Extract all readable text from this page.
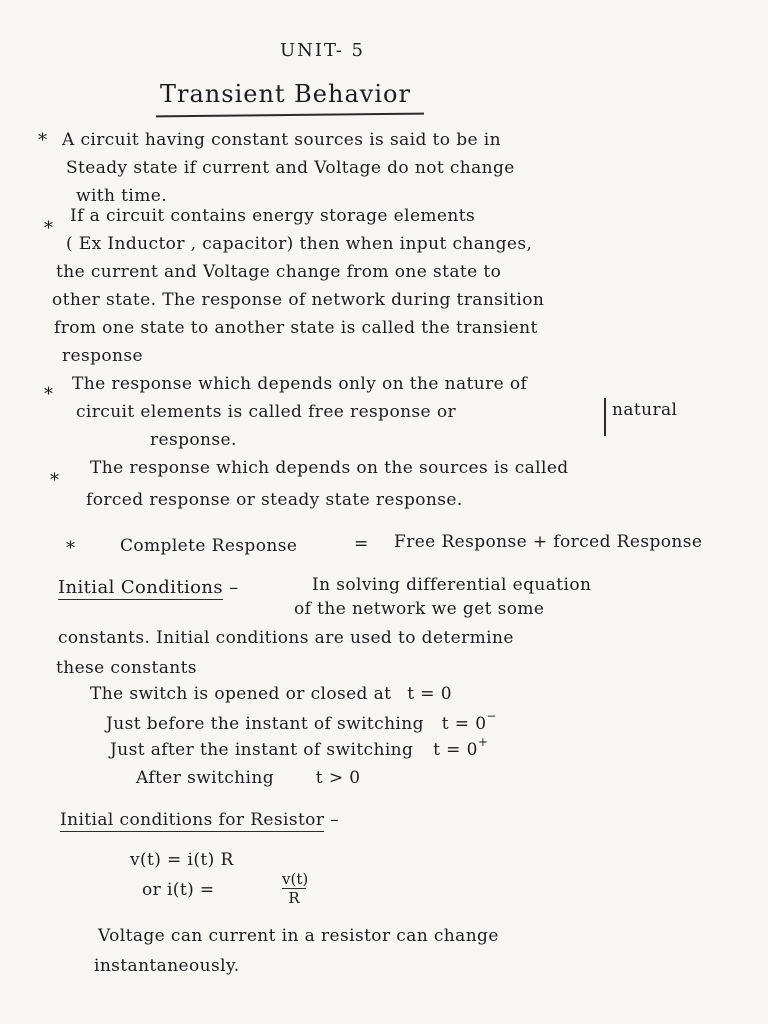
UNIT- 5
Transient Behavior
* A circuit having constant sources is said to be in
Steady state if current and Voltage do not change
with time.
*
If a circuit contains energy storage elements
( Ex Inductor , capacitor) then when input changes,
the current and Voltage change from one state to
other state. The response of network during transition
from one state to another state is called the transient
response
* The response which depends only on the nature of
circuit elements is called free response or	natural
response.
*
The response which depends on the sources is called
forced response or steady state response.
*	Complete Response	= Free Response + forced Response
Initial Conditions –	In solving differential equation
of the network we get some
constants. Initial conditions are used to determine
these constants
The switch is opened or closed at t = 0
Just before the instant of switching t = 0−
Just after the instant of switching t = 0+
After switching t > 0
Initial conditions for Resistor –
v(t) = i(t) R
or i(t) =	$\frac{v(t)}{R}$
Voltage can current in a resistor can change
instantaneously.
